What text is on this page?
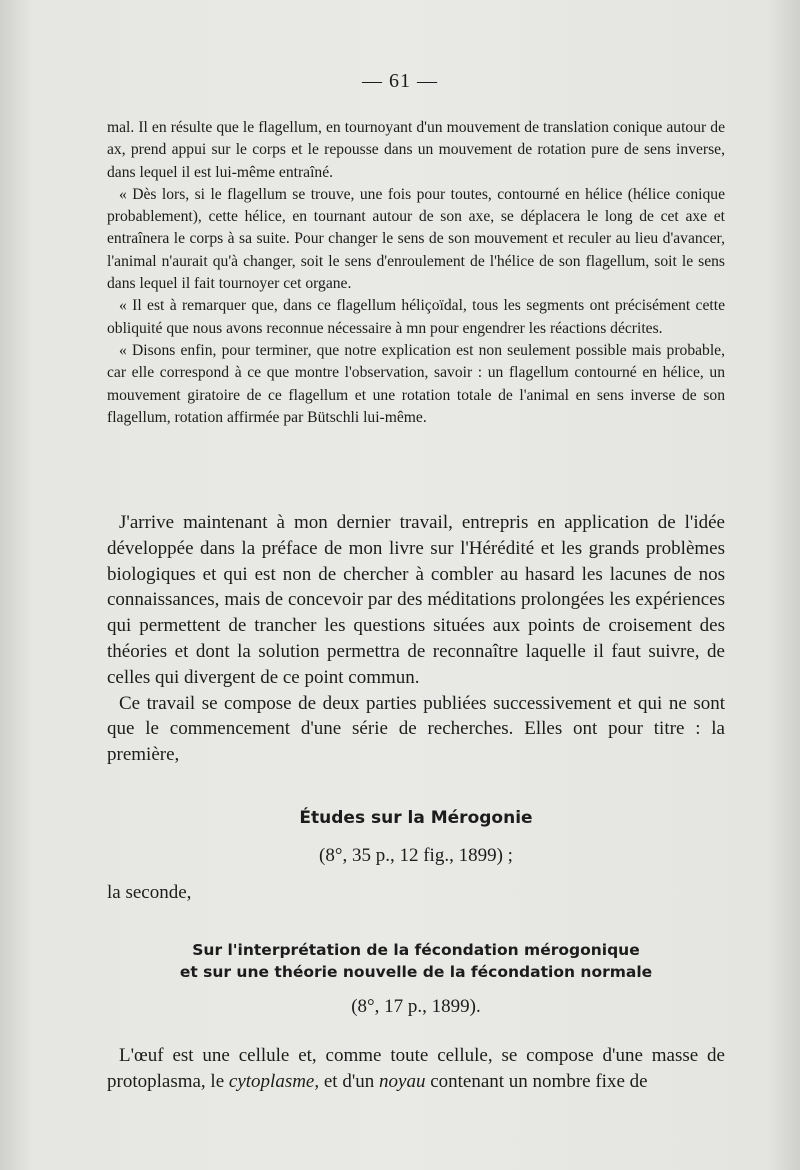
— 61 —

mal. Il en résulte que le flagellum, en tournoyant d'un mouvement de translation conique autour de ax, prend appui sur le corps et le repousse dans un mouvement de rotation pure de sens inverse, dans lequel il est lui-même entraîné.

« Dès lors, si le flagellum se trouve, une fois pour toutes, contourné en hélice (hélice conique probablement), cette hélice, en tournant autour de son axe, se déplacera le long de cet axe et entraînera le corps à sa suite. Pour changer le sens de son mouvement et reculer au lieu d'avancer, l'animal n'aurait qu'à changer, soit le sens d'enroulement de l'hélice de son flagellum, soit le sens dans lequel il fait tournoyer cet organe.

« Il est à remarquer que, dans ce flagellum héliçoïdal, tous les segments ont précisément cette obliquité que nous avons reconnue nécessaire à mn pour engendrer les réactions décrites.

« Disons enfin, pour terminer, que notre explication est non seulement possible mais probable, car elle correspond à ce que montre l'observation, savoir : un flagellum contourné en hélice, un mouvement giratoire de ce flagellum et une rotation totale de l'animal en sens inverse de son flagellum, rotation affirmée par Bütschli lui-même.

J'arrive maintenant à mon dernier travail, entrepris en application de l'idée développée dans la préface de mon livre sur l'Hérédité et les grands problèmes biologiques et qui est non de chercher à combler au hasard les lacunes de nos connaissances, mais de concevoir par des méditations prolongées les expériences qui permettent de trancher les questions situées aux points de croisement des théories et dont la solution permettra de reconnaître laquelle il faut suivre, de celles qui divergent de ce point commun.

Ce travail se compose de deux parties publiées successivement et qui ne sont que le commencement d'une série de recherches. Elles ont pour titre : la première,

Études sur la Mérogonie
(8°, 35 p., 12 fig., 1899) ;
la seconde,
Sur l'interprétation de la fécondation mérogonique
et sur une théorie nouvelle de la fécondation normale
(8°, 17 p., 1899).

L'œuf est une cellule et, comme toute cellule, se compose d'une masse de protoplasma, le cytoplasme, et d'un noyau contenant un nombre fixe de
